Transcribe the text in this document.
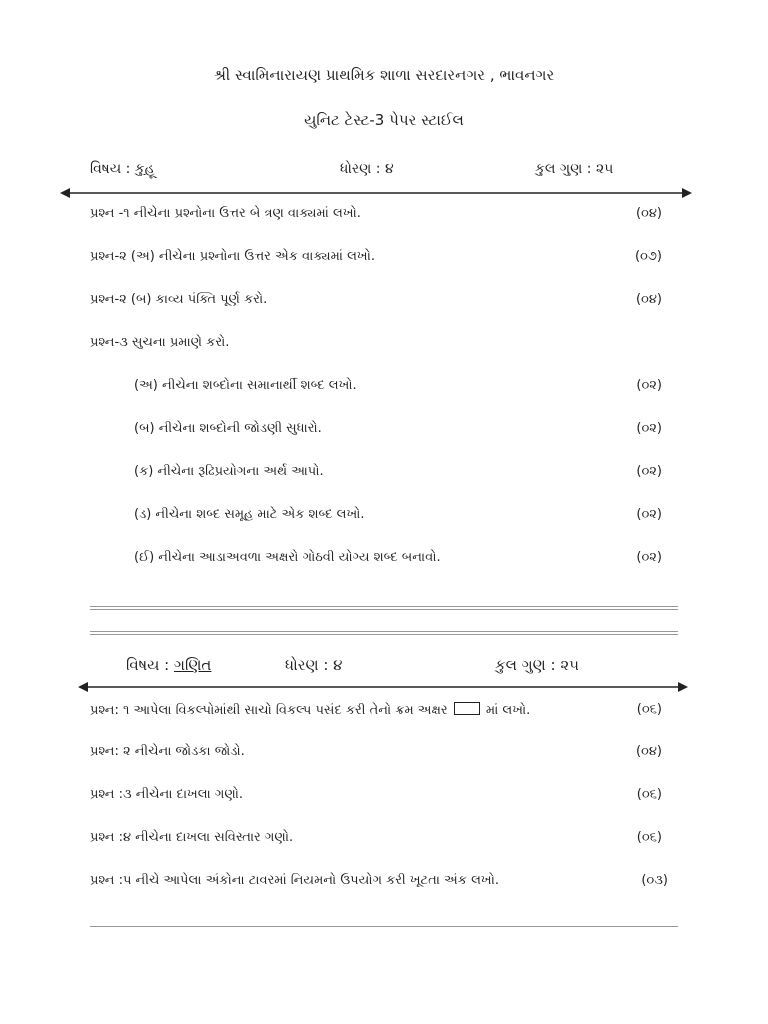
શ્રી સ્વામિનારાયણ પ્રાથમિક શાળા સરદારનગર , ભાવનગર
યુનિટ ટેસ્ટ-3 પેપર સ્ટાઈલ
વિષય : કુહૂ	ધોરણ : ૪	કુલ ગુણ : ૨૫
પ્રશ્ન -૧ નીચેના પ્રશ્નોના ઉત્તર બે ત્રણ વાક્યમાં લખો.	(૦૪)
પ્રશ્ન-૨ (અ) નીચેના પ્રશ્નોના ઉત્તર એક વાક્યમાં લખો.	(૦૭)
પ્રશ્ન-૨ (બ) કાવ્ય પંક્તિ પૂર્ણ કરો.	(૦૪)
પ્રશ્ન-૩ સુચના પ્રમાણે કરો.
(અ) નીચેના શબ્દોના સમાનાર્થી શબ્દ લખો.	(૦૨)
(બ) નીચેના શબ્દોની જોડણી સુધારો.	(૦૨)
(ક) નીચેના રૂઢિપ્રયોગના અર્થ આપો.	(૦૨)
(ડ) નીચેના શબ્દ સમૂહ માટે એક શબ્દ લખો.	(૦૨)
(ઈ) નીચેના આડાઅવળા અક્ષરો ગોઠવી યોગ્ય શબ્દ બનાવો.	(૦૨)
વિષય : ગણિત	ધોરણ : ૪	કુલ ગુણ : ૨૫
પ્રશ્ન: ૧ આપેલા વિકલ્પોમાંથી સાચો વિકલ્પ પસંદ કરી તેનો ક્રમ અક્ષર	માં લખો.	(૦૬)
પ્રશ્ન: ૨ નીચેના જોડકા જોડો.	(૦૪)
પ્રશ્ન :૩ નીચેના દાખલા ગણો.	(૦૬)
પ્રશ્ન :૪ નીચેના દાખલા સવિસ્તાર ગણો.	(૦૬)
પ્રશ્ન :પ નીચે આપેલા અંકોના ટાવરમાં નિયમનો ઉપયોગ કરી ખૂટતા અંક લખો.	(૦૩)
